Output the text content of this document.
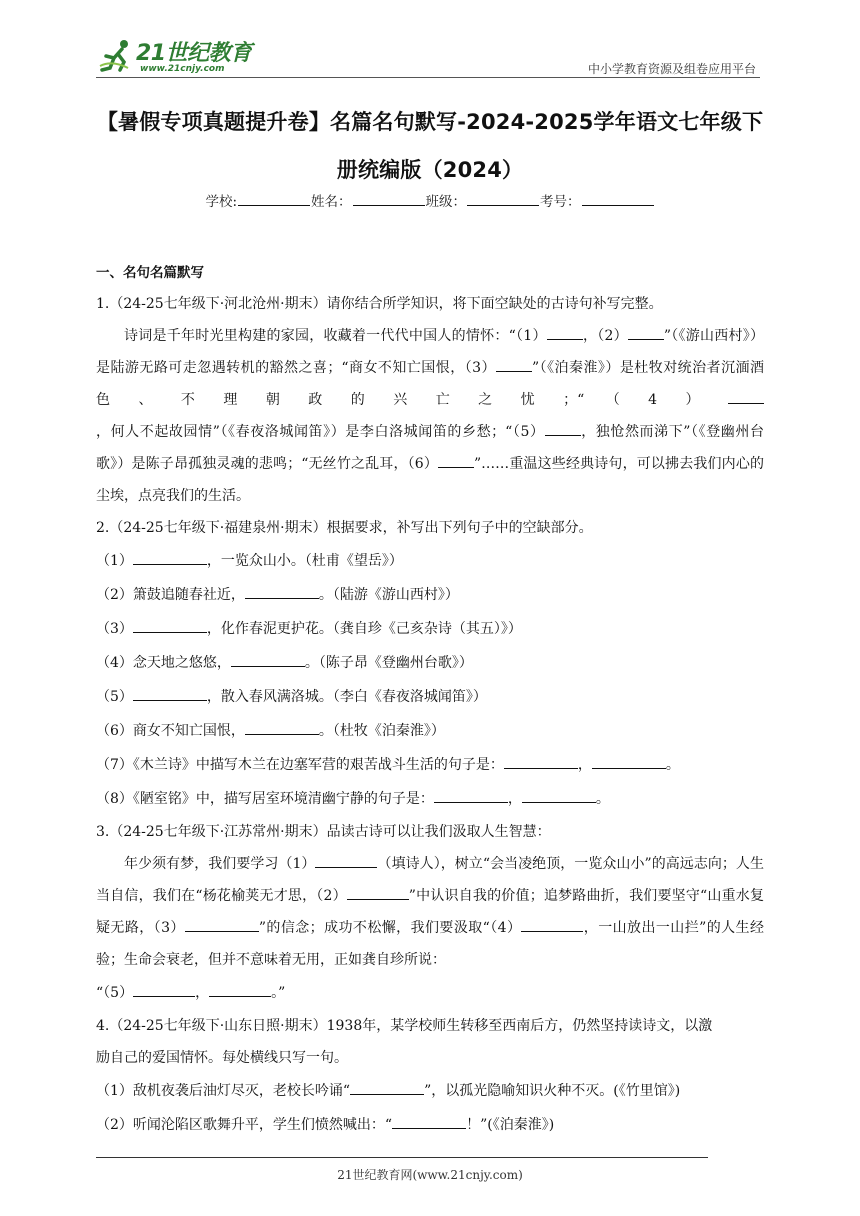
21世纪教育
www.21cnjy.com	中小学教育资源及组卷应用平台
【暑假专项真题提升卷】名篇名句默写-2024-2025学年语文七年级下
册统编版（2024）
学校:	姓名：	班级：	考号：
一、名句名篇默写
1.（24-25七年级下·河北沧州·期末）请你结合所学知识，将下面空缺处的古诗句补写完整。
诗词是千年时光里构建的家园，收藏着一代代中国人的情怀：“（1）	，（2）	”（《游山西村》）是陆游无路可走忽遇转机的豁然之喜；“商女不知亡国恨，（3）	”（《泊秦淮》）是杜牧对统治者沉湎酒色、不理朝政的兴亡之忧；“（4），何人不起故园情”（《春夜洛城闻笛》）是李白洛城闻笛的乡愁；“（5）	，独怆然而涕下”（《登幽州台歌》）是陈子昂孤独灵魂的悲鸣；“无丝竹之乱耳，（6）	”……重温这些经典诗句，可以拂去我们内心的尘埃，点亮我们的生活。
2.（24-25七年级下·福建泉州·期末）根据要求，补写出下列句子中的空缺部分。
（1）	，一览众山小。（杜甫《望岳》）
（2）箫鼓追随春社近，	。（陆游《游山西村》）
（3）	，化作春泥更护花。（龚自珍《己亥杂诗（其五）》）
（4）念天地之悠悠，	。（陈子昂《登幽州台歌》）
（5）	，散入春风满洛城。（李白《春夜洛城闻笛》）
（6）商女不知亡国恨，	。（杜牧《泊秦淮》）
（7）《木兰诗》中描写木兰在边塞军营的艰苦战斗生活的句子是：	，	。
（8）《陋室铭》中，描写居室环境清幽宁静的句子是：	，	。
3.（24-25七年级下·江苏常州·期末）品读古诗可以让我们汲取人生智慧：
年少须有梦，我们要学习（1）	（填诗人），树立“会当凌绝顶，一览众山小”的高远志向；人生当自信，我们在“杨花榆荚无才思，（2）	”中认识自我的价值；追梦路曲折，我们要坚守“山重水复疑无路，（3）	”的信念；成功不松懈，我们要汲取“（4）	，一山放出一山拦”的人生经验；生命会衰老，但并不意味着无用，正如龚自珍所说：
“（5）	，	。”
4.（24-25七年级下·山东日照·期末）1938年，某学校师生转移至西南后方，仍然坚持读诗文，以激
励自己的爱国情怀。每处横线只写一句。
（1）敌机夜袭后油灯尽灭，老校长吟诵“	”，以孤光隐喻知识火种不灭。(《竹里馆》)
（2）听闻沦陷区歌舞升平，学生们愤然喊出：“	！”(《泊秦淮》)
21世纪教育网(www.21cnjy.com)
